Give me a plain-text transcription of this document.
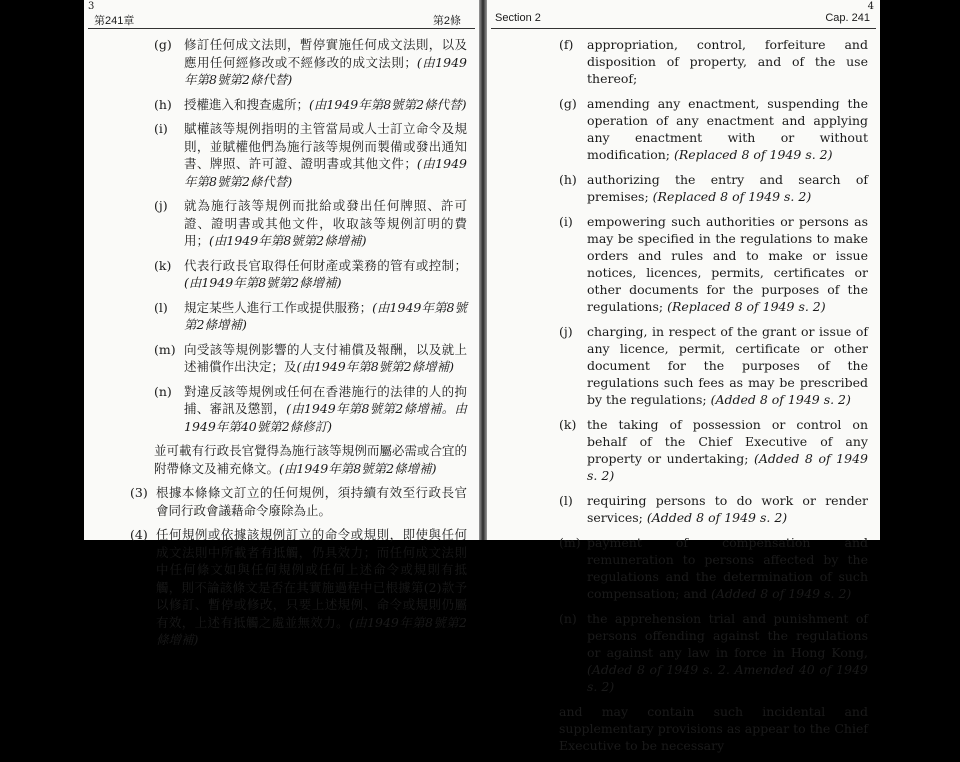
3
第241章	第2條
(g) 修訂任何成文法則，暫停實施任何成文法則，以及應用任何經修改或不經修改的成文法則；(由1949年第8號第2條代替)
(h) 授權進入和搜查處所；(由1949年第8號第2條代替)
(i) 賦權該等規例指明的主管當局或人士訂立命令及規則，並賦權他們為施行該等規例而製備或發出通知書、牌照、許可證、證明書或其他文件；(由1949年第8號第2條代替)
(j) 就為施行該等規例而批給或發出任何牌照、許可證、證明書或其他文件，收取該等規例訂明的費用；(由1949年第8號第2條增補)
(k) 代表行政長官取得任何財產或業務的管有或控制；(由1949年第8號第2條增補)
(l) 規定某些人進行工作或提供服務；(由1949年第8號第2條增補)
(m) 向受該等規例影響的人支付補償及報酬，以及就上述補償作出決定；及(由1949年第8號第2條增補)
(n) 對違反該等規例或任何在香港施行的法律的人的拘捕、審訊及懲罰，(由1949年第8號第2條增補。由1949年第40號第2條修訂)
並可載有行政長官覺得為施行該等規例而屬必需或合宜的附帶條文及補充條文。(由1949年第8號第2條增補)
(3) 根據本條條文訂立的任何規例，須持續有效至行政長官會同行政會議藉命令廢除為止。
(4) 任何規例或依據該規例訂立的命令或規則，即使與任何成文法則中所載者有抵觸，仍具效力；而任何成文法則中任何條文如與任何規例或任何上述命令或規則有抵觸，則不論該條文是否在其實施過程中已根據第(2)款予以修訂、暫停或修改，只要上述規例、命令或規則仍屬有效，上述有抵觸之處並無效力。(由1949年第8號第2條增補)
4
Section 2	Cap. 241
(f) appropriation, control, forfeiture and disposition of property, and of the use thereof;
(g) amending any enactment, suspending the operation of any enactment and applying any enactment with or without modification; (Replaced 8 of 1949 s. 2)
(h) authorizing the entry and search of premises; (Replaced 8 of 1949 s. 2)
(i) empowering such authorities or persons as may be specified in the regulations to make orders and rules and to make or issue notices, licences, permits, certificates or other documents for the purposes of the regulations; (Replaced 8 of 1949 s. 2)
(j) charging, in respect of the grant or issue of any licence, permit, certificate or other document for the purposes of the regulations such fees as may be prescribed by the regulations; (Added 8 of 1949 s. 2)
(k) the taking of possession or control on behalf of the Chief Executive of any property or undertaking; (Added 8 of 1949 s. 2)
(l) requiring persons to do work or render services; (Added 8 of 1949 s. 2)
(m) payment of compensation and remuneration to persons affected by the regulations and the determination of such compensation; and (Added 8 of 1949 s. 2)
(n) the apprehension trial and punishment of persons offending against the regulations or against any law in force in Hong Kong, (Added 8 of 1949 s. 2. Amended 40 of 1949 s. 2)
and may contain such incidental and supplementary provisions as appear to the Chief Executive to be necessary
